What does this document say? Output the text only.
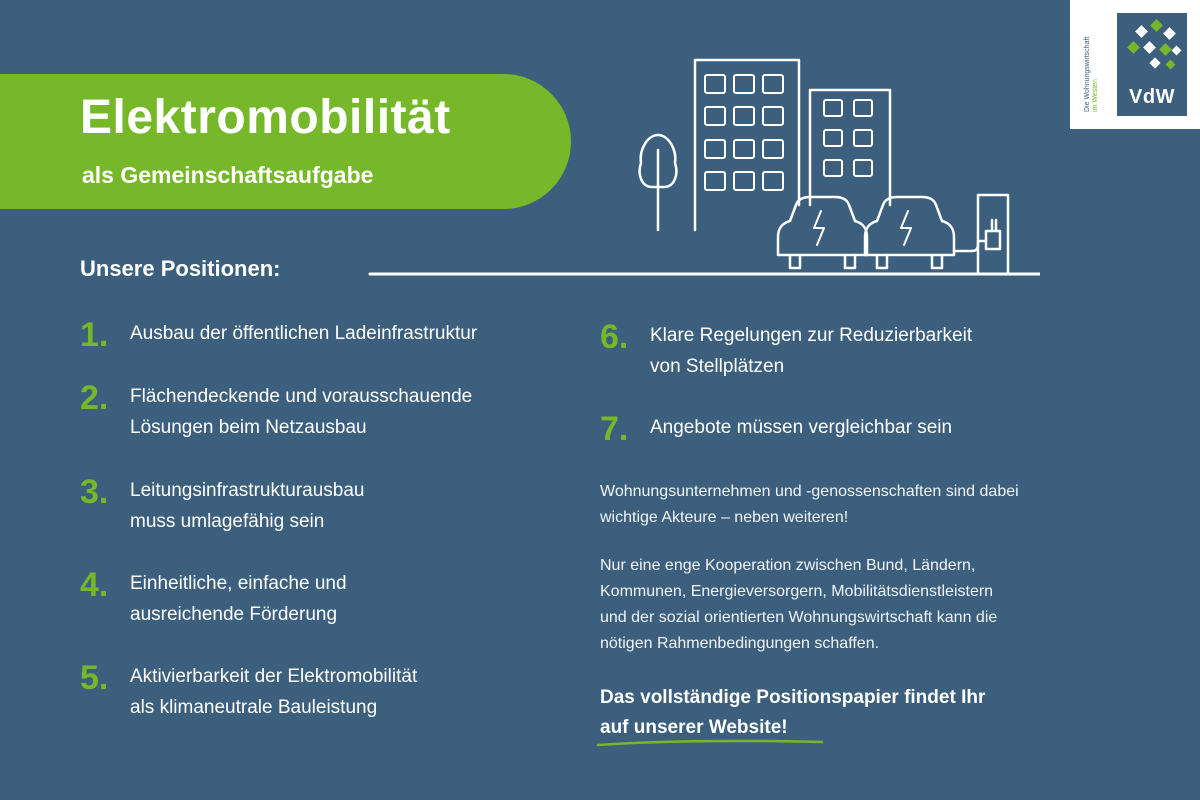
Elektromobilität
als Gemeinschaftsaufgabe
Die Wohnungswirtschaft im Westen	VdW
Unsere Positionen:
1.	Ausbau der öffentlichen Ladeinfrastruktur
2.	Flächendeckende und vorausschauende
Lösungen beim Netzausbau
3.	Leitungsinfrastrukturausbau
muss umlagefähig sein
4.	Einheitliche, einfache und
ausreichende Förderung
5.	Aktivierbarkeit der Elektromobilität
als klimaneutrale Bauleistung
6.	Klare Regelungen zur Reduzierbarkeit
von Stellplätzen
7.	Angebote müssen vergleichbar sein
Wohnungsunternehmen und -genossenschaften sind dabei
wichtige Akteure – neben weiteren!
Nur eine enge Kooperation zwischen Bund, Ländern,
Kommunen, Energieversorgern, Mobilitätsdienstleistern
und der sozial orientierten Wohnungswirtschaft kann die
nötigen Rahmenbedingungen schaffen.
Das vollständige Positionspapier findet Ihr
auf unserer Website!
